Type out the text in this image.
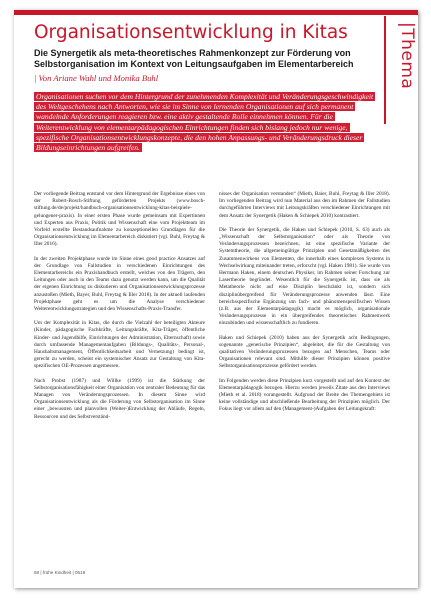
|Thema
Organisationsentwicklung in Kitas
Die Synergetik als meta-theoretisches Rahmenkonzept zur Förderung von Selbstorganisation im Kontext von Leitungsaufgaben im Elementarbereich
| Von Ariane Wahl und Monika Buhl

Organisationen suchen vor dem Hintergrund der zunehmenden Komplexität und Veränderungsgeschwindigkeit des Weltgeschehens nach Antworten, wie sie im Sinne von lernenden Organisationen auf sich permanent wandelnde Anforderungen reagieren bzw. eine aktiv gestaltende Rolle einnehmen können. Für die Weiterentwicklung von elementarpädagogischen Einrichtungen finden sich bislang jedoch nur wenige, spezifische Organisationsentwicklungskonzepte, die den hohen Anpassungs- und Veränderungsdruck dieser Bildungseinrichtungen aufgreifen.

Der vorliegende Beitrag entstand vor dem Hintergrund der Ergebnisse eines von der Robert-Bosch-Stiftung geförderten Projekts (www.bosch-stiftung.de/de/projekt/handbuch-organisationsentwicklung-kitas-beispiele-gelungener-praxis). In einer ersten Phase wurde gemeinsam mit Expertinnen und Experten aus Praxis, Politik und Wissenschaft eine vom Projektteam im Vorfeld erstellte Bestandsaufnahme zu konzeptionellen Grundlagen für die Organisationsentwicklung im Elementarbereich diskutiert (vgl. Buhl, Freytag & Iller 2016).

In der zweiten Projektphase wurde im Sinne eines good practice Ansatzes auf der Grundlage von Fallstudien in verschiedenen Einrichtungen des Elementarbereichs ein Praxishandbuch erstellt, welches von den Trägern, den Leitungen oder auch in den Teams dazu genutzt werden kann, um die Qualität der eigenen Einrichtung zu diskutieren und Organisationsentwicklungsprozesse anzustoßen (Mieth, Bayer, Buhl, Freytag & Iller 2018). In der aktuell laufenden Projektphase geht es um die Analyse verschiedener Weiterentwicklungsstrategien und den Wissenschafts-Praxis-Transfer.

Um der Komplexität in Kitas, die durch die Vielzahl der beteiligten Akteure (Kinder, pädagogische Fachkräfte, Leitungskräfte, Kita-Träger, öffentliche Kinder- und Jugendhilfe, Einrichtungen der Administration, Elternschaft) sowie durch umfassende Managementaufgaben (Bildungs-, Qualitäts-, Personal-, Haushaltsmanagement, Öffentlichkeitsarbeit und Vernetzung) bedingt ist, gerecht zu werden, scheint ein systemischer Ansatz zur Gestaltung von Kita-spezifischen OE-Prozessen angemessen.

Nach Probst (1987) und Willke (1999) ist die Stärkung der Selbstorganisationsfähigkeit einer Organisation von zentraler Bedeutung für das Managen von Veränderungsprozessen. In diesem Sinne wird Organisationsentwicklung als die Förderung von Selbstorganisation im Sinne einer „bewussten und planvollen (Weiter-)Entwicklung der Abläufe, Regeln, Ressourcen und des Selbstverständ-

nisses der Organisation verstanden“ (Mieth, Baier, Buhl, Freytag & Iller 2018). Im vorliegenden Beitrag wird nun Material aus den im Rahmen der Fallstudien durchgeführten Interviews mit Leitungskräften verschiedener Einrichtungen mit dem Ansatz der Synergetik (Haken & Schiepek 2010) kontrastiert.

Die Theorie der Synergetik, die Haken und Schiepek (2010, S. 63) auch als „Wissenschaft der Selbstorganisation“ oder als Theorie von Veränderungsprozessen bezeichnen, ist eine spezifische Variante der Systemtheorie, die allgemeingültige Prinzipien und Gesetzmäßigkeiten des Zusammenwirkens von Elementen, die innerhalb eines komplexen Systems in Wechselwirkung miteinander treten, erforscht (vgl. Haken 1981). Sie wurde von Hermann Haken, einem deutschen Physiker, im Rahmen seiner Forschung zur Lasertheorie begründet. Wesentlich für die Synergetik ist, dass sie als Metatheorie nicht auf eine Disziplin beschränkt ist, sondern sich disziplinübergreifend für Veränderungsprozesse anwenden lässt. Eine bereichsspezifische Ergänzung um fach- und phänomenspezifischen Wissen (z.B. aus der Elementarpädagogik) macht es möglich, organisationale Veränderungsprozesse in ein übergreifendes theoretisches Rahmenwerk einzubinden und wissenschaftlich zu fundieren.

Haken und Schiepek (2010) haben aus der Synergetik acht Bedingungen, sogenannte „generische Prinzipien“, abgeleitet, die für die Gestaltung von qualitativen Veränderungsprozessen bezogen auf Menschen, Teams oder Organisationen relevant sind. Mithilfe dieser Prinzipien können positive Selbstorganisationsprozesse gefördert werden.

Im Folgenden werden diese Prinzipien kurz vorgestellt und auf den Kontext der Elementarpädagogik bezogen. Hierzu werden jeweils Zitate aus den Interviews (Mieth et al. 2018) vorangestellt. Aufgrund der Breite des Themengebiets ist keine vollständige und abschließende Bearbeitung der Prinzipien möglich. Der Fokus liegt vor allem auf den (Management-)Aufgaben der Leitungskraft:

58 | frühe Kindheit | 0519
